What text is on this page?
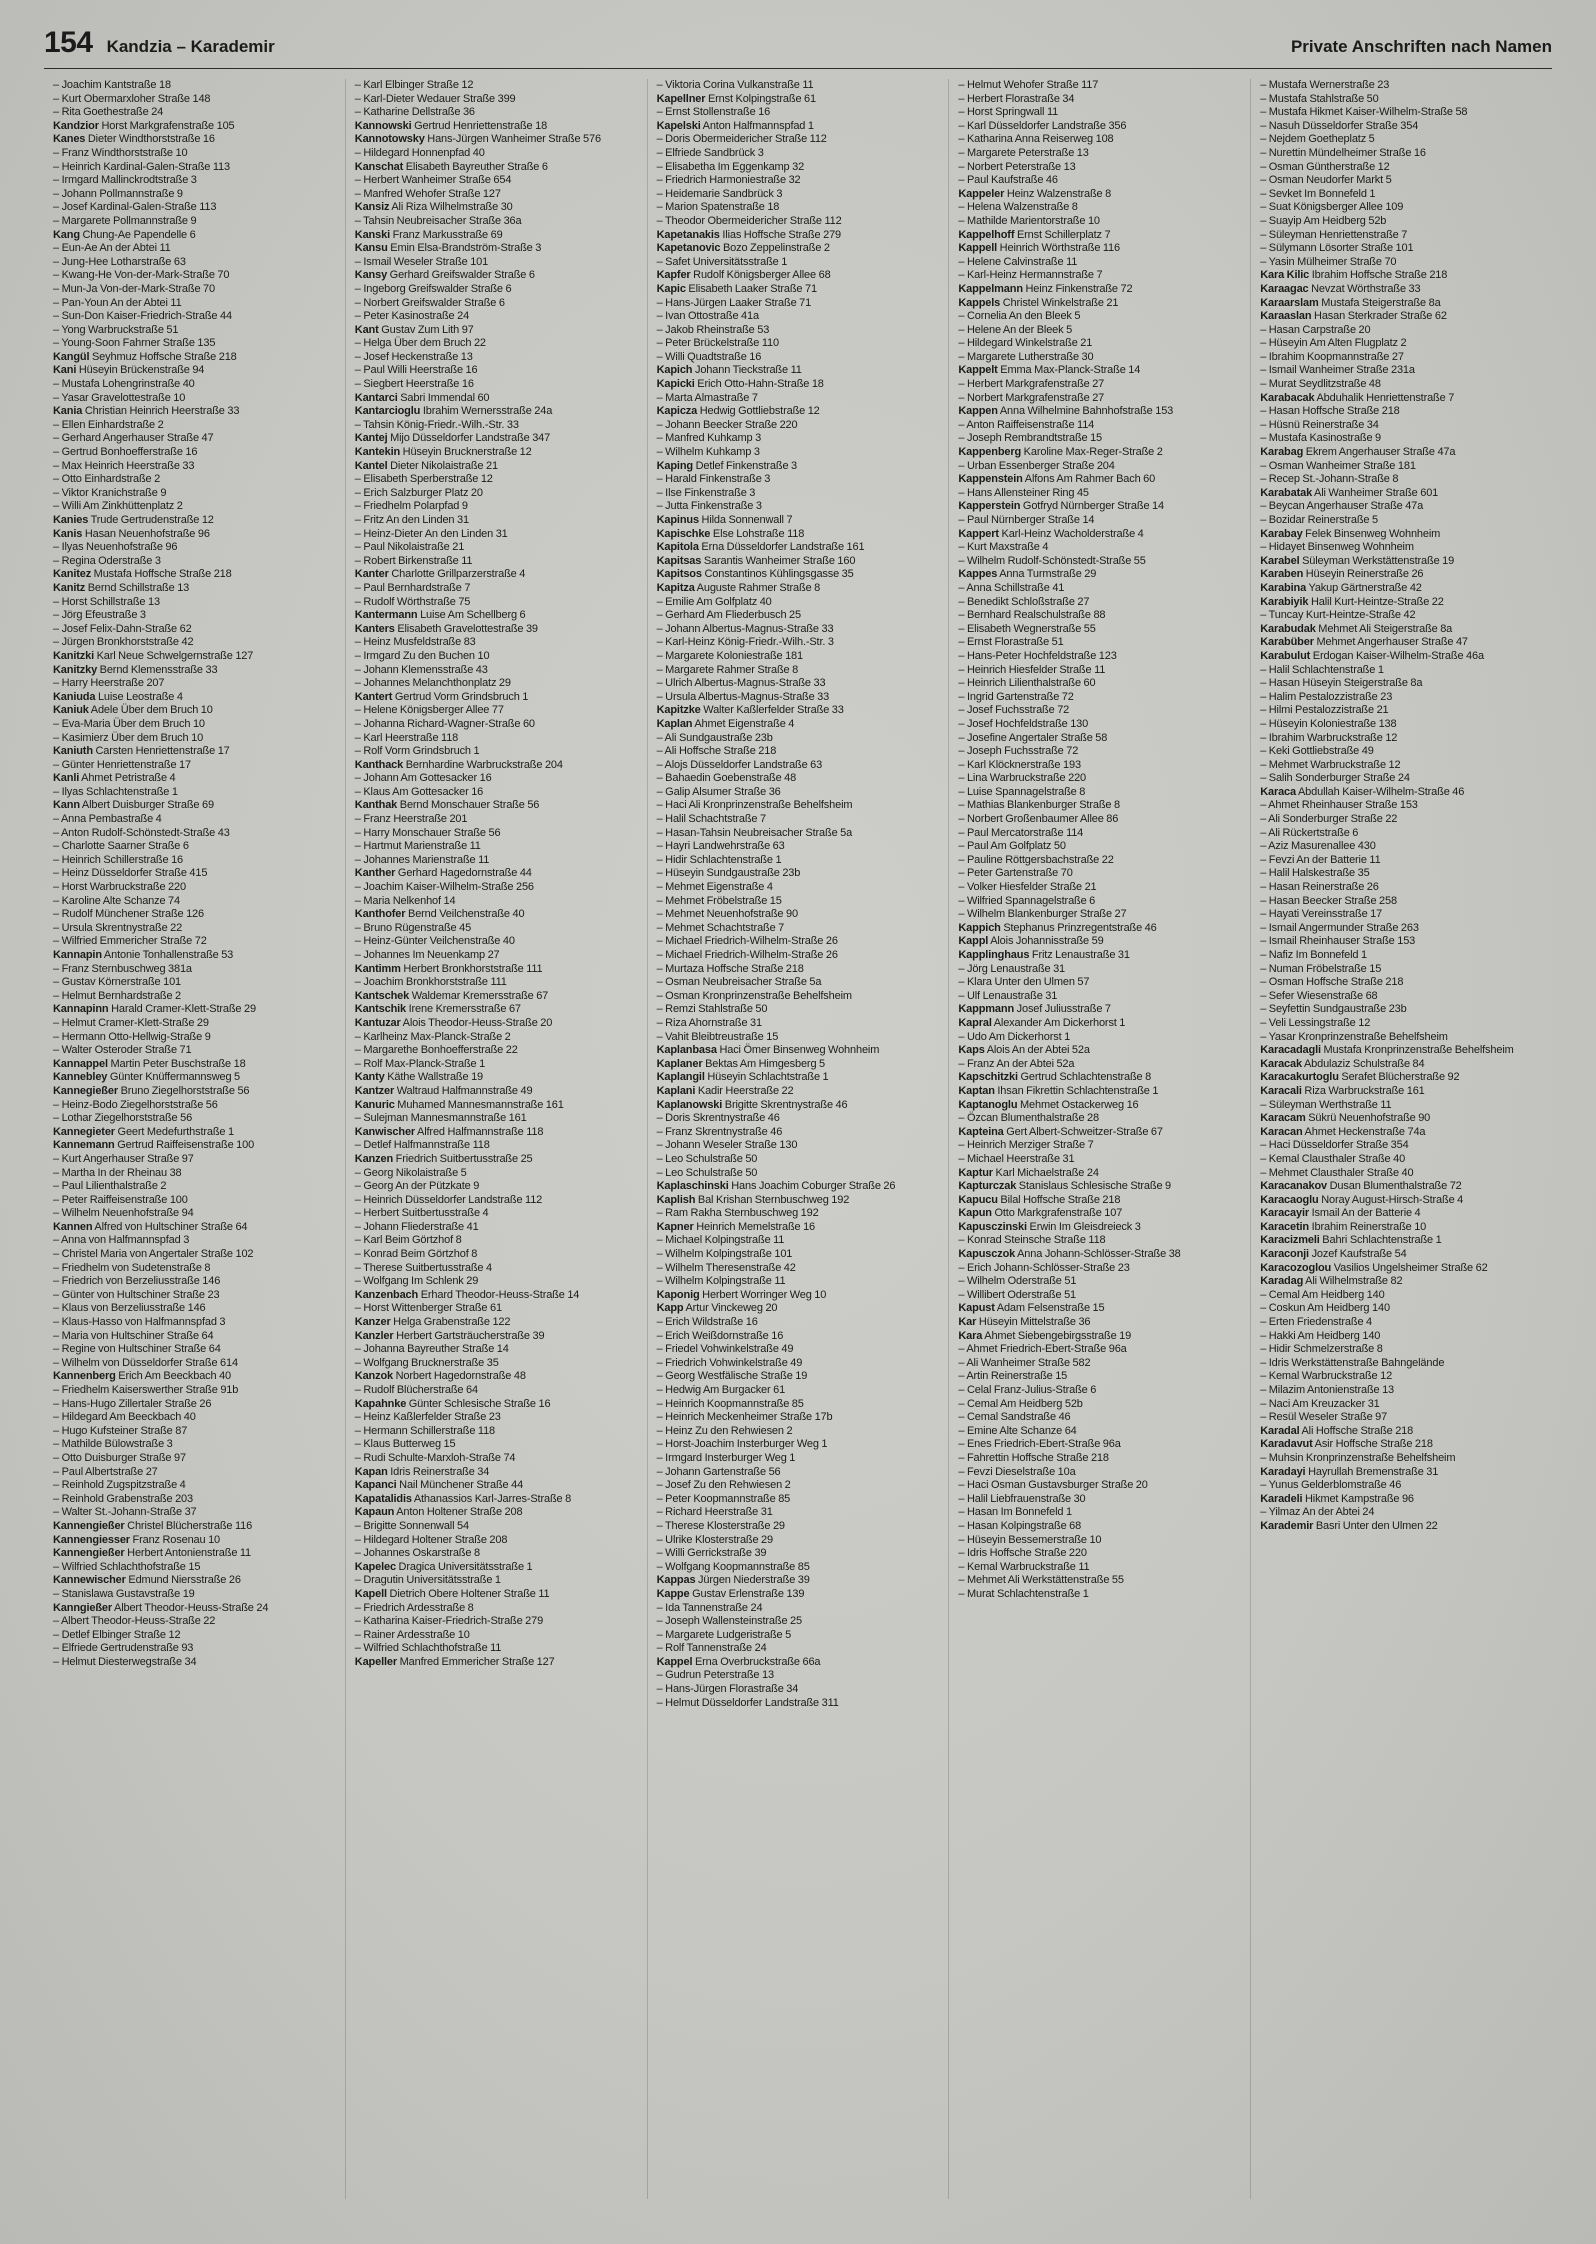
154 Kandzia – Karademir	Private Anschriften nach Namen
– Joachim Kantstraße 18
– Kurt Obermarxloher Straße 148
– Rita Goethestraße 24
Kandzior Horst Markgrafenstraße 105
Kanes Dieter Windthorststraße 16
– Franz Windthorststraße 10
– Heinrich Kardinal-Galen-Straße 113
– Irmgard Mallinckrodtstraße 3
– Johann Pollmannstraße 9
– Josef Kardinal-Galen-Straße 113
– Margarete Pollmannstraße 9
Kang Chung-Ae Papendelle 6
– Eun-Ae An der Abtei 11
– Jung-Hee Lotharstraße 63
– Kwang-He Von-der-Mark-Straße 70
– Mun-Ja Von-der-Mark-Straße 70
– Pan-Youn An der Abtei 11
– Sun-Don Kaiser-Friedrich-Straße 44
– Yong Warbruckstraße 51
– Young-Soon Fahrner Straße 135
Kangül Seyhmuz Hoffsche Straße 218
Kani Hüseyin Brückenstraße 94
– Mustafa Lohengrinstraße 40
– Yasar Gravelottestraße 10
Kania Christian Heinrich Heerstraße 33
– Ellen Einhardstraße 2
– Gerhard Angerhauser Straße 47
– Gertrud Bonhoefferstraße 16
– Max Heinrich Heerstraße 33
– Otto Einhardstraße 2
– Viktor Kranichstraße 9
– Willi Am Zinkhüttenplatz 2
Kanies Trude Gertrudenstraße 12
Kanis Hasan Neuenhofstraße 96
– Ilyas Neuenhofstraße 96
– Regina Oderstraße 3
Kanitez Mustafa Hoffsche Straße 218
Kanitz Bernd Schillstraße 13
– Horst Schillstraße 13
– Jörg Efeustraße 3
– Josef Felix-Dahn-Straße 62
– Jürgen Bronkhorststraße 42
Kanitzki Karl Neue Schwelgernstraße 127
Kanitzky Bernd Klemensstraße 33
– Harry Heerstraße 207
Kaniuda Luise Leostraße 4
Kaniuk Adele Über dem Bruch 10
– Eva-Maria Über dem Bruch 10
– Kasimierz Über dem Bruch 10
Kaniuth Carsten Henriettenstraße 17
– Günter Henriettenstraße 17
Kanli Ahmet Petristraße 4
– Ilyas Schlachtenstraße 1
Kann Albert Duisburger Straße 69
– Anna Pembastraße 4
– Anton Rudolf-Schönstedt-Straße 43
– Charlotte Saarner Straße 6
– Heinrich Schillerstraße 16
– Heinz Düsseldorfer Straße 415
– Horst Warbruckstraße 220
– Karoline Alte Schanze 74
– Rudolf Münchener Straße 126
– Ursula Skrentnystraße 22
– Wilfried Emmericher Straße 72
Kannapin Antonie Tonhallenstraße 53
– Franz Sternbuschweg 381a
– Gustav Körnerstraße 101
– Helmut Bernhardstraße 2
Kannapinn Harald Cramer-Klett-Straße 29
– Helmut Cramer-Klett-Straße 29
– Hermann Otto-Hellwig-Straße 9
– Walter Osteroder Straße 71
Kannappel Martin Peter Buschstraße 18
Kannebley Günter Knüffermannsweg 5
Kannegießer Bruno Ziegelhorststraße 56
– Heinz-Bodo Ziegelhorststraße 56
– Lothar Ziegelhorststraße 56
Kannegieter Geert Medefurthstraße 1
Kannemann Gertrud Raiffeisenstraße 100
– Kurt Angerhauser Straße 97
– Martha In der Rheinau 38
– Paul Lilienthalstraße 2
– Peter Raiffeisenstraße 100
– Wilhelm Neuenhofstraße 94
Kannen Alfred von Hultschiner Straße 64
– Anna von Halfmannspfad 3
– Christel Maria von Angertaler Straße 102
– Friedhelm von Sudetenstraße 8
– Friedrich von Berzeliusstraße 146
– Günter von Hultschiner Straße 23
– Klaus von Berzeliusstraße 146
– Klaus-Hasso von Halfmannspfad 3
– Maria von Hultschiner Straße 64
– Regine von Hultschiner Straße 64
– Wilhelm von Düsseldorfer Straße 614
Kannenberg Erich Am Beeckbach 40
– Friedhelm Kaiserswerther Straße 91b
– Hans-Hugo Zillertaler Straße 26
– Hildegard Am Beeckbach 40
– Hugo Kufsteiner Straße 87
– Mathilde Bülowstraße 3
– Otto Duisburger Straße 97
– Paul Albertstraße 27
– Reinhold Zugspitzstraße 4
– Reinhold Grabenstraße 203
– Walter St.-Johann-Straße 37
Kannengießer Christel Blücherstraße 116
Kannengiesser Franz Rosenau 10
Kannengießer Herbert Antonienstraße 11
– Wilfried Schlachthofstraße 15
Kannewischer Edmund Niersstraße 26
– Stanislawa Gustavstraße 19
Kanngießer Albert Theodor-Heuss-Straße 24
– Albert Theodor-Heuss-Straße 22
– Detlef Elbinger Straße 12
– Elfriede Gertrudenstraße 93
– Helmut Diesterwegstraße 34
– Karl Elbinger Straße 12
– Karl-Dieter Wedauer Straße 399
– Katharine Dellstraße 36
Kannowski Gertrud Henriettenstraße 18
Kannotowsky Hans-Jürgen Wanheimer Straße 576
– Hildegard Honnenpfad 40
Kanschat Elisabeth Bayreuther Straße 6
– Herbert Wanheimer Straße 654
– Manfred Wehofer Straße 127
Kansiz Ali Riza Wilhelmstraße 30
– Tahsin Neubreisacher Straße 36a
Kanski Franz Markusstraße 69
Kansu Emin Elsa-Brandström-Straße 3
– Ismail Weseler Straße 101
Kansy Gerhard Greifswalder Straße 6
– Ingeborg Greifswalder Straße 6
– Norbert Greifswalder Straße 6
– Peter Kasinostraße 24
Kant Gustav Zum Lith 97
– Helga Über dem Bruch 22
– Josef Heckenstraße 13
– Paul Willi Heerstraße 16
– Siegbert Heerstraße 16
Kantarci Sabri Immendal 60
Kantarcioglu Ibrahim Wernersstraße 24a
– Tahsin König-Friedr.-Wilh.-Str. 33
Kantej Mijo Düsseldorfer Landstraße 347
Kantekin Hüseyin Brucknerstraße 12
Kantel Dieter Nikolaistraße 21
– Elisabeth Sperberstraße 12
– Erich Salzburger Platz 20
– Friedhelm Polarpfad 9
– Fritz An den Linden 31
– Heinz-Dieter An den Linden 31
– Paul Nikolaistraße 21
– Robert Birkenstraße 11
Kanter Charlotte Grillparzerstraße 4
– Paul Bernhardstraße 7
– Rudolf Wörthstraße 75
Kantermann Luise Am Schellberg 6
Kanters Elisabeth Gravelottestraße 39
– Heinz Musfeldstraße 83
– Irmgard Zu den Buchen 10
– Johann Klemensstraße 43
– Johannes Melanchthonplatz 29
Kantert Gertrud Vorm Grindsbruch 1
– Helene Königsberger Allee 77
– Johanna Richard-Wagner-Straße 60
– Karl Heerstraße 118
– Rolf Vorm Grindsbruch 1
Kanthack Bernhardine Warbruckstraße 204
– Johann Am Gottesacker 16
– Klaus Am Gottesacker 16
Kanthak Bernd Monschauer Straße 56
– Franz Heerstraße 201
– Harry Monschauer Straße 56
– Hartmut Marienstraße 11
– Johannes Marienstraße 11
Kanther Gerhard Hagedornstraße 44
– Joachim Kaiser-Wilhelm-Straße 256
– Maria Nelkenhof 14
Kanthofer Bernd Veilchenstraße 40
– Bruno Rügenstraße 45
– Heinz-Günter Veilchenstraße 40
– Johannes Im Neuenkamp 27
Kantimm Herbert Bronkhorststraße 111
– Joachim Bronkhorststraße 111
Kantschek Waldemar Kremersstraße 67
Kantschik Irene Kremersstraße 67
Kantuzar Alois Theodor-Heuss-Straße 20
– Karlheinz Max-Planck-Straße 2
– Margarethe Bonhoefferstraße 22
– Rolf Max-Planck-Straße 1
Kanty Käthe Wallstraße 19
Kantzer Waltraud Halfmannstraße 49
Kanuric Muhamed Mannesmannstraße 161
– Sulejman Mannesmannstraße 161
Kanwischer Alfred Halfmannstraße 118
– Detlef Halfmannstraße 118
Kanzen Friedrich Suitbertusstraße 25
– Georg Nikolaistraße 5
– Georg An der Pützkate 9
– Heinrich Düsseldorfer Landstraße 112
– Herbert Suitbertusstraße 4
– Johann Fliederstraße 41
– Karl Beim Görtzhof 8
– Konrad Beim Görtzhof 8
– Therese Suitbertusstraße 4
– Wolfgang Im Schlenk 29
Kanzenbach Erhard Theodor-Heuss-Straße 14
– Horst Wittenberger Straße 61
Kanzer Helga Grabenstraße 122
Kanzler Herbert Gartsträucherstraße 39
– Johanna Bayreuther Straße 14
– Wolfgang Brucknerstraße 35
Kanzok Norbert Hagedornstraße 48
– Rudolf Blücherstraße 64
Kapahnke Günter Schlesische Straße 16
– Heinz Kaßlerfelder Straße 23
– Hermann Schillerstraße 118
– Klaus Butterweg 15
– Rudi Schulte-Marxloh-Straße 74
Kapan Idris Reinerstraße 34
Kapanci Nail Münchener Straße 44
Kapatalidis Athanassios Karl-Jarres-Straße 8
Kapaun Anton Holtener Straße 208
– Brigitte Sonnenwall 54
– Hildegard Holtener Straße 208
– Johannes Oskarstraße 8
Kapelec Dragica Universitätsstraße 1
– Dragutin Universitätsstraße 1
Kapell Dietrich Obere Holtener Straße 11
– Friedrich Ardesstraße 8
– Katharina Kaiser-Friedrich-Straße 279
– Rainer Ardesstraße 10
– Wilfried Schlachthofstraße 11
Kapeller Manfred Emmericher Straße 127
– Viktoria Corina Vulkanstraße 11
Kapellner Ernst Kolpingstraße 61
– Ernst Stollenstraße 16
Kapelski Anton Halfmannspfad 1
– Doris Obermeidericher Straße 112
– Elfriede Sandbrück 3
– Elisabetha Im Eggenkamp 32
– Friedrich Harmoniestraße 32
– Heidemarie Sandbrück 3
– Marion Spatenstraße 18
– Theodor Obermeidericher Straße 112
Kapetanakis Ilias Hoffsche Straße 279
Kapetanovic Bozo Zeppelinstraße 2
– Safet Universitätsstraße 1
Kapfer Rudolf Königsberger Allee 68
Kapic Elisabeth Laaker Straße 71
– Hans-Jürgen Laaker Straße 71
– Ivan Ottostraße 41a
– Jakob Rheinstraße 53
– Peter Brückelstraße 110
– Willi Quadtstraße 16
Kapich Johann Tieckstraße 11
Kapicki Erich Otto-Hahn-Straße 18
– Marta Almastraße 7
Kapicza Hedwig Gottliebstraße 12
– Johann Beecker Straße 220
– Manfred Kuhkamp 3
– Wilhelm Kuhkamp 3
Kaping Detlef Finkenstraße 3
– Harald Finkenstraße 3
– Ilse Finkenstraße 3
– Jutta Finkenstraße 3
Kapinus Hilda Sonnenwall 7
Kapischke Else Lohstraße 118
Kapitola Erna Düsseldorfer Landstraße 161
Kapitsas Sarantis Wanheimer Straße 160
Kapitsos Constantinos Kühlingsgasse 35
Kapitza Auguste Rahmer Straße 8
– Emilie Am Golfplatz 40
– Gerhard Am Fliederbusch 25
– Johann Albertus-Magnus-Straße 33
– Karl-Heinz König-Friedr.-Wilh.-Str. 3
– Margarete Koloniestraße 181
– Margarete Rahmer Straße 8
– Ulrich Albertus-Magnus-Straße 33
– Ursula Albertus-Magnus-Straße 33
Kapitzke Walter Kaßlerfelder Straße 33
Kaplan Ahmet Eigenstraße 4
– Ali Sundgaustraße 23b
– Ali Hoffsche Straße 218
– Alojs Düsseldorfer Landstraße 63
– Bahaedin Goebenstraße 48
– Galip Alsumer Straße 36
– Haci Ali Kronprinzenstraße Behelfsheim
– Halil Schachtstraße 7
– Hasan-Tahsin Neubreisacher Straße 5a
– Hayri Landwehrstraße 63
– Hidir Schlachtenstraße 1
– Hüseyin Sundgaustraße 23b
– Mehmet Eigenstraße 4
– Mehmet Fröbelstraße 15
– Mehmet Neuenhofstraße 90
– Mehmet Schachtstraße 7
– Michael Friedrich-Wilhelm-Straße 26
– Michael Friedrich-Wilhelm-Straße 26
– Murtaza Hoffsche Straße 218
– Osman Neubreisacher Straße 5a
– Osman Kronprinzenstraße Behelfsheim
– Remzi Stahlstraße 50
– Riza Ahornstraße 31
– Vahit Bleibtreustraße 15
Kaplanbasa Haci Ömer Binsenweg Wohnheim
Kaplaner Bektas Am Himgesberg 5
Kaplangil Hüseyin Schlachtstraße 1
Kaplani Kadir Heerstraße 22
Kaplanowski Brigitte Skrentnystraße 46
– Doris Skrentnystraße 46
– Franz Skrentnystraße 46
– Johann Weseler Straße 130
– Leo Schulstraße 50
– Leo Schulstraße 50
Kaplaschinski Hans Joachim Coburger Straße 26
Kaplish Bal Krishan Sternbuschweg 192
– Ram Rakha Sternbuschweg 192
Kapner Heinrich Memelstraße 16
– Michael Kolpingstraße 11
– Wilhelm Kolpingstraße 101
– Wilhelm Theresenstraße 42
– Wilhelm Kolpingstraße 11
Kaponig Herbert Worringer Weg 10
Kapp Artur Vinckeweg 20
– Erich Wildstraße 16
– Erich Weißdornstraße 16
– Friedel Vohwinkelstraße 49
– Friedrich Vohwinkelstraße 49
– Georg Westfälische Straße 19
– Hedwig Am Burgacker 61
– Heinrich Koopmannstraße 85
– Heinrich Meckenheimer Straße 17b
– Heinz Zu den Rehwiesen 2
– Horst-Joachim Insterburger Weg 1
– Irmgard Insterburger Weg 1
– Johann Gartenstraße 56
– Josef Zu den Rehwiesen 2
– Peter Koopmannstraße 85
– Richard Heerstraße 31
– Therese Klosterstraße 29
– Ulrike Klosterstraße 29
– Willi Gerrickstraße 39
– Wolfgang Koopmannstraße 85
Kappas Jürgen Niederstraße 39
Kappe Gustav Erlenstraße 139
– Ida Tannenstraße 24
– Joseph Wallensteinstraße 25
– Margarete Ludgeristraße 5
– Rolf Tannenstraße 24
Kappel Erna Overbruckstraße 66a
– Gudrun Peterstraße 13
– Hans-Jürgen Florastraße 34
– Helmut Düsseldorfer Landstraße 311
– Helmut Wehofer Straße 117
– Herbert Florastraße 34
– Horst Springwall 11
– Karl Düsseldorfer Landstraße 356
– Katharina Anna Reiserweg 108
– Margarete Peterstraße 13
– Norbert Peterstraße 13
– Paul Kaufstraße 46
Kappeler Heinz Walzenstraße 8
– Helena Walzenstraße 8
– Mathilde Marientorstraße 10
Kappelhoff Ernst Schillerplatz 7
Kappell Heinrich Wörthstraße 116
– Helene Calvinstraße 11
– Karl-Heinz Hermannstraße 7
Kappelmann Heinz Finkenstraße 72
Kappels Christel Winkelstraße 21
– Cornelia An den Bleek 5
– Helene An der Bleek 5
– Hildegard Winkelstraße 21
– Margarete Lutherstraße 30
Kappelt Emma Max-Planck-Straße 14
– Herbert Markgrafenstraße 27
– Norbert Markgrafenstraße 27
Kappen Anna Wilhelmine Bahnhofstraße 153
– Anton Raiffeisenstraße 114
– Joseph Rembrandtstraße 15
Kappenberg Karoline Max-Reger-Straße 2
– Urban Essenberger Straße 204
Kappenstein Alfons Am Rahmer Bach 60
– Hans Allensteiner Ring 45
Kapperstein Gotfryd Nürnberger Straße 14
– Paul Nürnberger Straße 14
Kappert Karl-Heinz Wacholderstraße 4
– Kurt Maxstraße 4
– Wilhelm Rudolf-Schönstedt-Straße 55
Kappes Anna Turmstraße 29
– Anna Schillstraße 41
– Benedikt Schloßstraße 27
– Bernhard Realschulstraße 88
– Elisabeth Wegnerstraße 55
– Ernst Florastraße 51
– Hans-Peter Hochfeldstraße 123
– Heinrich Hiesfelder Straße 11
– Heinrich Lilienthalstraße 60
– Ingrid Gartenstraße 72
– Josef Fuchsstraße 72
– Josef Hochfeldstraße 130
– Josefine Angertaler Straße 58
– Joseph Fuchsstraße 72
– Karl Klöcknerstraße 193
– Lina Warbruckstraße 220
– Luise Spannagelstraße 8
– Mathias Blankenburger Straße 8
– Norbert Großenbaumer Allee 86
– Paul Mercatorstraße 114
– Paul Am Golfplatz 50
– Pauline Röttgersbachstraße 22
– Peter Gartenstraße 70
– Volker Hiesfelder Straße 21
– Wilfried Spannagelstraße 6
– Wilhelm Blankenburger Straße 27
Kappich Stephanus Prinzregentstraße 46
Kappl Alois Johannisstraße 59
Kapplinghaus Fritz Lenaustraße 31
– Jörg Lenaustraße 31
– Klara Unter den Ulmen 57
– Ulf Lenaustraße 31
Kappmann Josef Juliusstraße 7
Kapral Alexander Am Dickerhorst 1
– Udo Am Dickerhorst 1
Kaps Alois An der Abtei 52a
– Franz An der Abtei 52a
Kapschitzki Gertrud Schlachtenstraße 8
Kaptan Ihsan Fikrettin Schlachtenstraße 1
Kaptanoglu Mehmet Ostackerweg 16
– Özcan Blumenthalstraße 28
Kapteina Gert Albert-Schweitzer-Straße 67
– Heinrich Merziger Straße 7
– Michael Heerstraße 31
Kaptur Karl Michaelstraße 24
Kapturczak Stanislaus Schlesische Straße 9
Kapucu Bilal Hoffsche Straße 218
Kapun Otto Markgrafenstraße 107
Kapusczinski Erwin Im Gleisdreieck 3
– Konrad Steinsche Straße 118
Kapusczok Anna Johann-Schlösser-Straße 38
– Erich Johann-Schlösser-Straße 23
– Wilhelm Oderstraße 51
– Willibert Oderstraße 51
Kapust Adam Felsenstraße 15
Kar Hüseyin Mittelstraße 36
Kara Ahmet Siebengebirgsstraße 19
– Ahmet Friedrich-Ebert-Straße 96a
– Ali Wanheimer Straße 582
– Artin Reinerstraße 15
– Celal Franz-Julius-Straße 6
– Cemal Am Heidberg 52b
– Cemal Sandstraße 46
– Emine Alte Schanze 64
– Enes Friedrich-Ebert-Straße 96a
– Fahrettin Hoffsche Straße 218
– Fevzi Dieselstraße 10a
– Haci Osman Gustavsburger Straße 20
– Halil Liebfrauenstraße 30
– Hasan Im Bonnefeld 1
– Hasan Kolpingstraße 68
– Hüseyin Bessemerstraße 10
– Idris Hoffsche Straße 220
– Kemal Warbruckstraße 11
– Mehmet Ali Werkstättenstraße 55
– Murat Schlachtenstraße 1
– Mustafa Wernerstraße 23
– Mustafa Stahlstraße 50
– Mustafa Hikmet Kaiser-Wilhelm-Straße 58
– Nasuh Düsseldorfer Straße 354
– Nejdem Goetheplatz 5
– Nurettin Mündelheimer Straße 16
– Osman Güntherstraße 12
– Osman Neudorfer Markt 5
– Sevket Im Bonnefeld 1
– Suat Königsberger Allee 109
– Suayip Am Heidberg 52b
– Süleyman Henriettenstraße 7
– Sülymann Lösorter Straße 101
– Yasin Mülheimer Straße 70
Kara Kilic Ibrahim Hoffsche Straße 218
Karaagac Nevzat Wörthstraße 33
Karaarslam Mustafa Steigerstraße 8a
Karaaslan Hasan Sterkrader Straße 62
– Hasan Carpstraße 20
– Hüseyin Am Alten Flugplatz 2
– Ibrahim Koopmannstraße 27
– Ismail Wanheimer Straße 231a
– Murat Seydlitzstraße 48
Karabacak Abduhalik Henriettenstraße 7
– Hasan Hoffsche Straße 218
– Hüsnü Reinerstraße 34
– Mustafa Kasinostraße 9
Karabag Ekrem Angerhauser Straße 47a
– Osman Wanheimer Straße 181
– Recep St.-Johann-Straße 8
Karabatak Ali Wanheimer Straße 601
– Beycan Angerhauser Straße 47a
– Bozidar Reinerstraße 5
Karabay Felek Binsenweg Wohnheim
– Hidayet Binsenweg Wohnheim
Karabel Süleyman Werkstättenstraße 19
Karaben Hüseyin Reinerstraße 26
Karabina Yakup Gärtnerstraße 42
Karabiyik Halil Kurt-Heintze-Straße 22
– Tuncay Kurt-Heintze-Straße 42
Karabudak Mehmet Ali Steigerstraße 8a
Karabüber Mehmet Angerhauser Straße 47
Karabulut Erdogan Kaiser-Wilhelm-Straße 46a
– Halil Schlachtenstraße 1
– Hasan Hüseyin Steigerstraße 8a
– Halim Pestalozzistraße 23
– Hilmi Pestalozzistraße 21
– Hüseyin Koloniestraße 138
– Ibrahim Warbruckstraße 12
– Keki Gottliebstraße 49
– Mehmet Warbruckstraße 12
– Salih Sonderburger Straße 24
Karaca Abdullah Kaiser-Wilhelm-Straße 46
– Ahmet Rheinhauser Straße 153
– Ali Sonderburger Straße 22
– Ali Rückertstraße 6
– Aziz Masurenallee 430
– Fevzi An der Batterie 11
– Halil Halskestraße 35
– Hasan Reinerstraße 26
– Hasan Beecker Straße 258
– Hayati Vereinsstraße 17
– Ismail Angermunder Straße 263
– Ismail Rheinhauser Straße 153
– Nafiz Im Bonnefeld 1
– Numan Fröbelstraße 15
– Osman Hoffsche Straße 218
– Sefer Wiesenstraße 68
– Seyfettin Sundgaustraße 23b
– Veli Lessingstraße 12
– Yasar Kronprinzenstraße Behelfsheim
Karacadagli Mustafa Kronprinzenstraße Behelfsheim
Karacak Abdulaziz Schulstraße 84
Karacakurtoglu Serafet Blücherstraße 92
Karacali Riza Warbruckstraße 161
– Süleyman Werthstraße 11
Karacam Sükrü Neuenhofstraße 90
Karacan Ahmet Heckenstraße 74a
– Haci Düsseldorfer Straße 354
– Kemal Clausthaler Straße 40
– Mehmet Clausthaler Straße 40
Karacanakov Dusan Blumenthalstraße 72
Karacaoglu Noray August-Hirsch-Straße 4
Karacayir Ismail An der Batterie 4
Karacetin Ibrahim Reinerstraße 10
Karacizmeli Bahri Schlachtenstraße 1
Karaconji Jozef Kaufstraße 54
Karacozoglou Vasilios Ungelsheimer Straße 62
Karadag Ali Wilhelmstraße 82
– Cemal Am Heidberg 140
– Coskun Am Heidberg 140
– Erten Friedenstraße 4
– Hakki Am Heidberg 140
– Hidir Schmelzerstraße 8
– Idris Werkstättenstraße Bahngelände
– Kemal Warbruckstraße 12
– Milazim Antonienstraße 13
– Naci Am Kreuzacker 31
– Resül Weseler Straße 97
Karadal Ali Hoffsche Straße 218
Karadavut Asir Hoffsche Straße 218
– Muhsin Kronprinzenstraße Behelfsheim
Karadayi Hayrullah Bremenstraße 31
– Yunus Gelderblomstraße 46
Karadeli Hikmet Kampstraße 96
– Yilmaz An der Abtei 24
Karademir Basri Unter den Ulmen 22
